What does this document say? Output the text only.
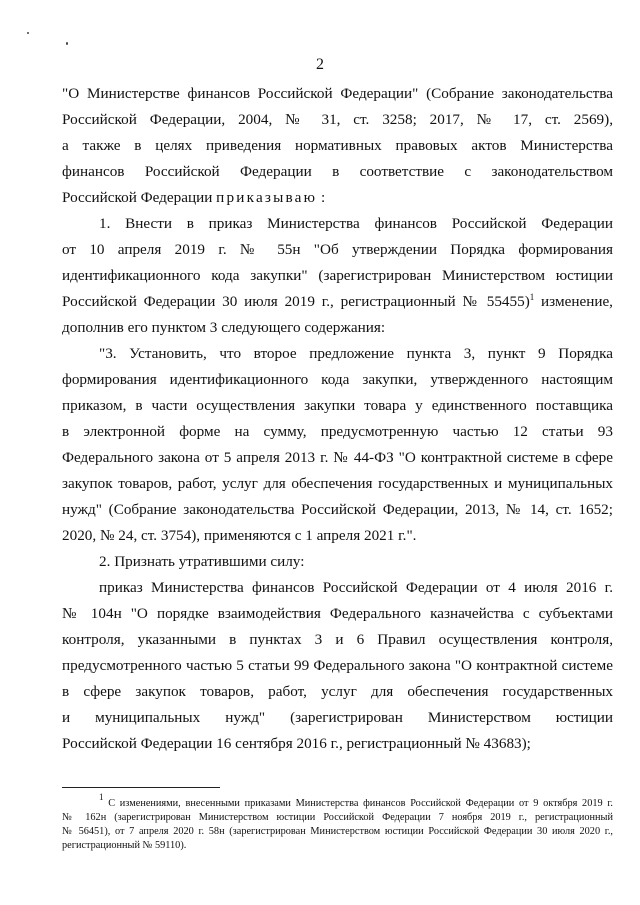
2
"О Министерстве финансов Российской Федерации" (Собрание законодательства
Российской Федерации, 2004, № 31, ст. 3258; 2017, № 17, ст. 2569),
а также в целях приведения нормативных правовых актов Министерства
финансов Российской Федерации в соответствие с законодательством
Российской Федерации приказываю :
1. Внести в приказ Министерства финансов Российской Федерации
от 10 апреля 2019 г. № 55н "Об утверждении Порядка формирования
идентификационного кода закупки" (зарегистрирован Министерством юстиции
Российской Федерации 30 июля 2019 г., регистрационный № 55455)$^1$ изменение,
дополнив его пунктом 3 следующего содержания:
"3. Установить, что второе предложение пункта 3, пункт 9 Порядка
формирования идентификационного кода закупки, утвержденного настоящим
приказом, в части осуществления закупки товара у единственного поставщика
в электронной форме на сумму, предусмотренную частью 12 статьи 93
Федерального закона от 5 апреля 2013 г. № 44-ФЗ "О контрактной системе в сфере
закупок товаров, работ, услуг для обеспечения государственных и муниципальных
нужд" (Собрание законодательства Российской Федерации, 2013, № 14, ст. 1652;
2020, № 24, ст. 3754), применяются с 1 апреля 2021 г.".
2. Признать утратившими силу:
приказ Министерства финансов Российской Федерации от 4 июля 2016 г.
№ 104н "О порядке взаимодействия Федерального казначейства с субъектами
контроля, указанными в пунктах 3 и 6 Правил осуществления контроля,
предусмотренного частью 5 статьи 99 Федерального закона "О контрактной системе
в сфере закупок товаров, работ, услуг для обеспечения государственных
и муниципальных нужд" (зарегистрирован Министерством юстиции
Российской Федерации 16 сентября 2016 г., регистрационный № 43683);
$^1$ С изменениями, внесенными приказами Министерства финансов Российской Федерации от 9 октября 2019 г.
№ 162н (зарегистрирован Министерством юстиции Российской Федерации 7 ноября 2019 г., регистрационный
№ 56451), от 7 апреля 2020 г. 58н (зарегистрирован Министерством юстиции Российской Федерации 30 июля 2020 г.,
регистрационный № 59110).
